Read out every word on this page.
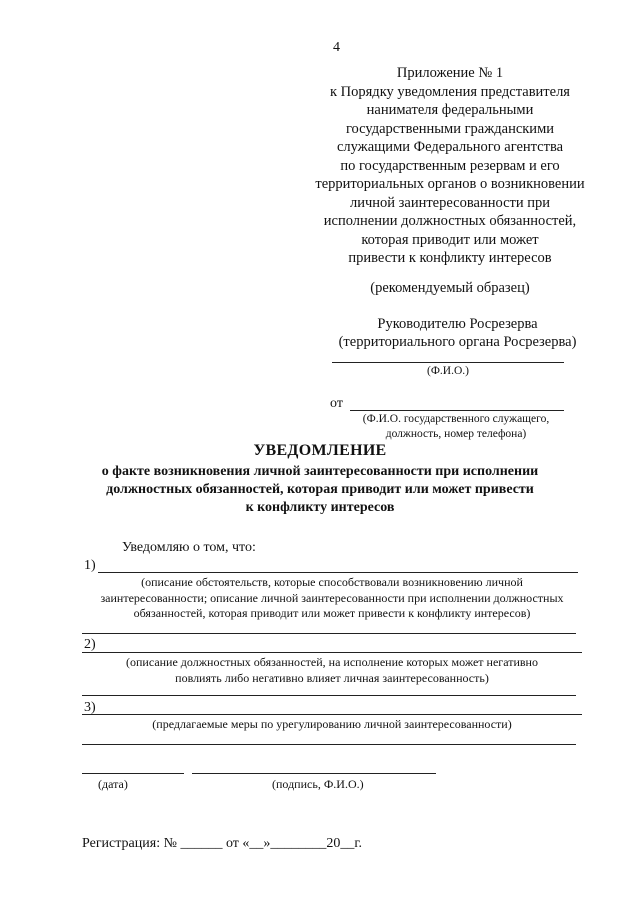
4
Приложение № 1
к Порядку уведомления представителя
нанимателя федеральными
государственными гражданскими
служащими Федерального агентства
по государственным резервам и его
территориальных органов о возникновении
личной заинтересованности при
исполнении должностных обязанностей,
которая приводит или может
привести к конфликту интересов
(рекомендуемый образец)
Руководителю Росрезерва
(территориального органа Росрезерва)
(Ф.И.О.)
от
(Ф.И.О. государственного служащего,
должность, номер телефона)
УВЕДОМЛЕНИЕ
о факте возникновения личной заинтересованности при исполнении
должностных обязанностей, которая приводит или может привести
к конфликту интересов
Уведомляю о том, что:
1)
(описание обстоятельств, которые способствовали возникновению личной
заинтересованности; описание личной заинтересованности при исполнении должностных
обязанностей, которая приводит или может привести к конфликту интересов)
2)
(описание должностных обязанностей, на исполнение которых может негативно
повлиять либо негативно влияет личная заинтересованность)
3)
(предлагаемые меры по урегулированию личной заинтересованности)
(дата)	(подпись, Ф.И.О.)
Регистрация: № ______ от «__»________20__г.
